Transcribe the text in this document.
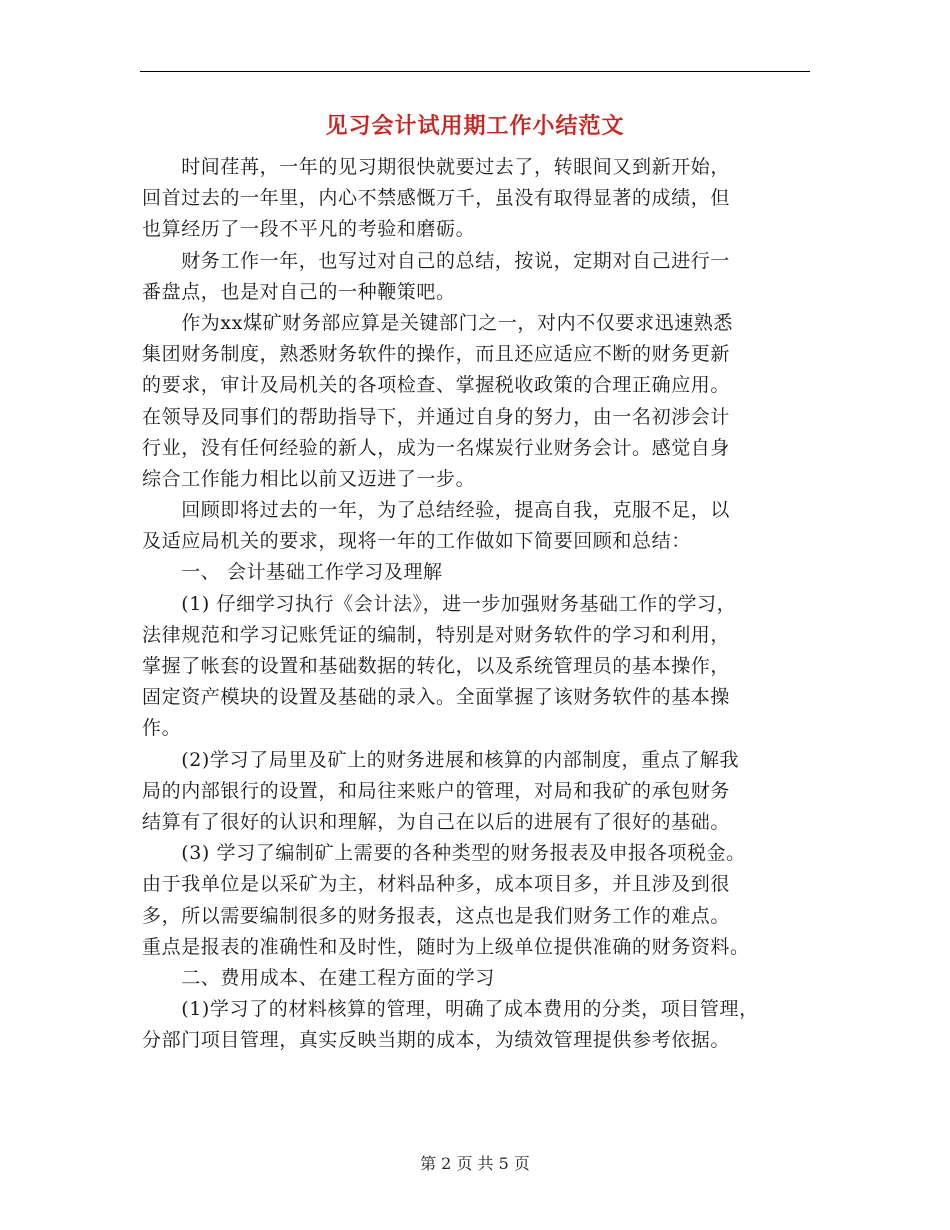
见习会计试用期工作小结范文
　　时间荏苒，一年的见习期很快就要过去了，转眼间又到新开始，
回首过去的一年里，内心不禁感慨万千，虽没有取得显著的成绩，但
也算经历了一段不平凡的考验和磨砺。
　　财务工作一年，也写过对自己的总结，按说，定期对自己进行一
番盘点，也是对自己的一种鞭策吧。
　　作为xx煤矿财务部应算是关键部门之一，对内不仅要求迅速熟悉
集团财务制度，熟悉财务软件的操作，而且还应适应不断的财务更新
的要求，审计及局机关的各项检查、掌握税收政策的合理正确应用。
在领导及同事们的帮助指导下，并通过自身的努力，由一名初涉会计
行业，没有任何经验的新人，成为一名煤炭行业财务会计。感觉自身
综合工作能力相比以前又迈进了一步。
　　回顾即将过去的一年，为了总结经验，提高自我，克服不足，以
及适应局机关的要求，现将一年的工作做如下简要回顾和总结：
　　一、 会计基础工作学习及理解
　　(1) 仔细学习执行《会计法》，进一步加强财务基础工作的学习，
法律规范和学习记账凭证的编制，特别是对财务软件的学习和利用，
掌握了帐套的设置和基础数据的转化，以及系统管理员的基本操作，
固定资产模块的设置及基础的录入。全面掌握了该财务软件的基本操
作。
　　(2)学习了局里及矿上的财务进展和核算的内部制度，重点了解我
局的内部银行的设置，和局往来账户的管理，对局和我矿的承包财务
结算有了很好的认识和理解，为自己在以后的进展有了很好的基础。
　　(3) 学习了编制矿上需要的各种类型的财务报表及申报各项税金。
由于我单位是以采矿为主，材料品种多，成本项目多，并且涉及到很
多，所以需要编制很多的财务报表，这点也是我们财务工作的难点。
重点是报表的准确性和及时性，随时为上级单位提供准确的财务资料。
　　二、费用成本、在建工程方面的学习
　　(1)学习了的材料核算的管理，明确了成本费用的分类，项目管理，
分部门项目管理，真实反映当期的成本，为绩效管理提供参考依据。
第 2 页 共 5 页
